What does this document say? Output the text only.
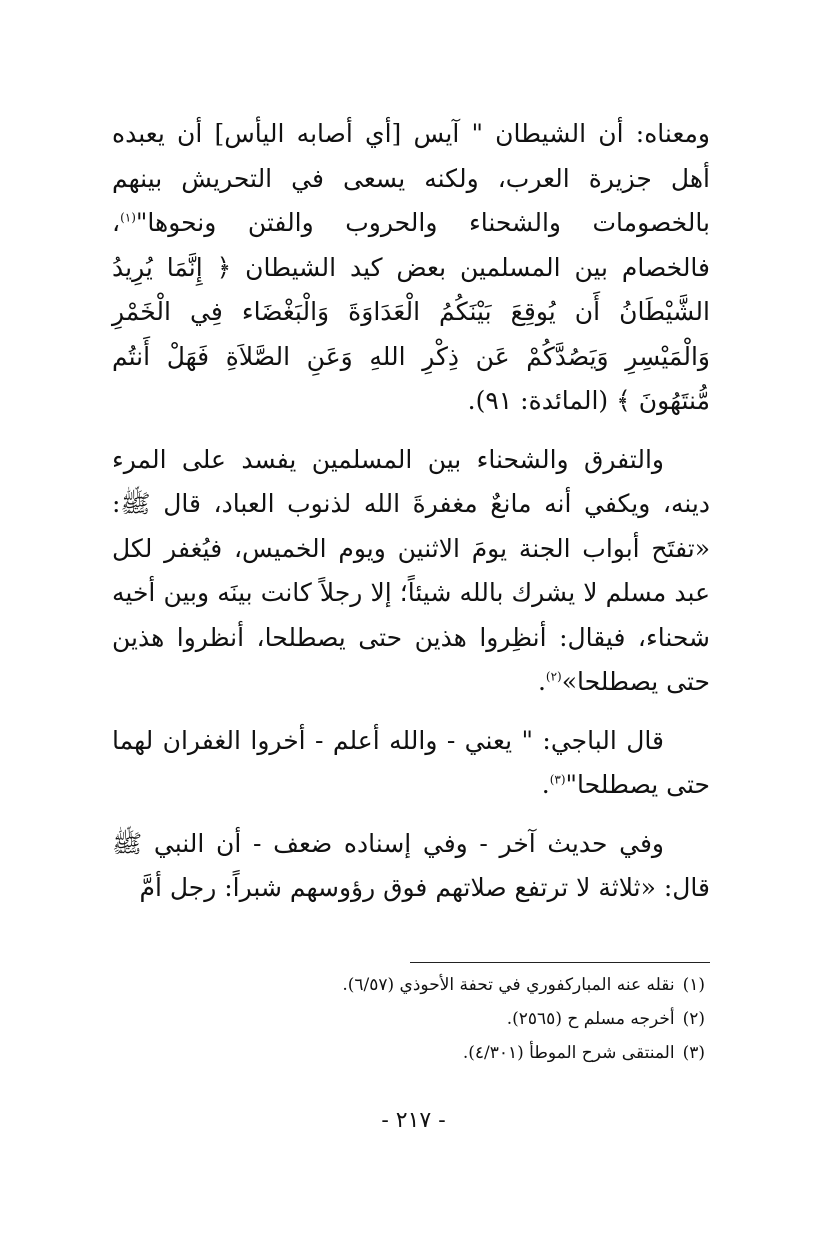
ومعناه: أن الشيطان " آيس [أي أصابه اليأس] أن يعبده أهل جزيرة العرب، ولكنه يسعى في التحريش بينهم بالخصومات والشحناء والحروب والفتن ونحوها"$^{(١)}$، فالخصام بين المسلمين بعض كيد الشيطان ﴿ إِنَّمَا يُرِيدُ الشَّيْطَانُ أَن يُوقِعَ بَيْنَكُمُ الْعَدَاوَةَ وَالْبَغْضَاء فِي الْخَمْرِ وَالْمَيْسِرِ وَيَصُدَّكُمْ عَن ذِكْرِ اللهِ وَعَنِ الصَّلاَةِ فَهَلْ أَنتُم مُّنتَهُونَ ﴾ (المائدة: ٩١).

والتفرق والشحناء بين المسلمين يفسد على المرء دينه، ويكفي أنه مانعٌ مغفرةَ الله لذنوب العباد، قال ﷺ: «تفتَح أبواب الجنة يومَ الاثنين ويوم الخميس، فيُغفر لكل عبد مسلم لا يشرك بالله شيئاً؛ إلا رجلاً كانت بينَه وبين أخيه شحناء، فيقال: أنظِروا هذين حتى يصطلحا، أنظروا هذين حتى يصطلحا»$^{(٢)}$.

قال الباجي: " يعني - والله أعلم - أخروا الغفران لهما حتى يصطلحا"$^{(٣)}$.

وفي حديث آخر - وفي إسناده ضعف - أن النبي ﷺ قال: «ثلاثة لا ترتفع صلاتهم فوق رؤوسهم شبراً: رجل أمَّ

(١)نقله عنه المباركفوري في تحفة الأحوذي (٦/٥٧).

(٢)أخرجه مسلم ح (٢٥٦٥).

(٣)المنتقى شرح الموطأ (٤/٣٠١).

- ٢١٧ -
